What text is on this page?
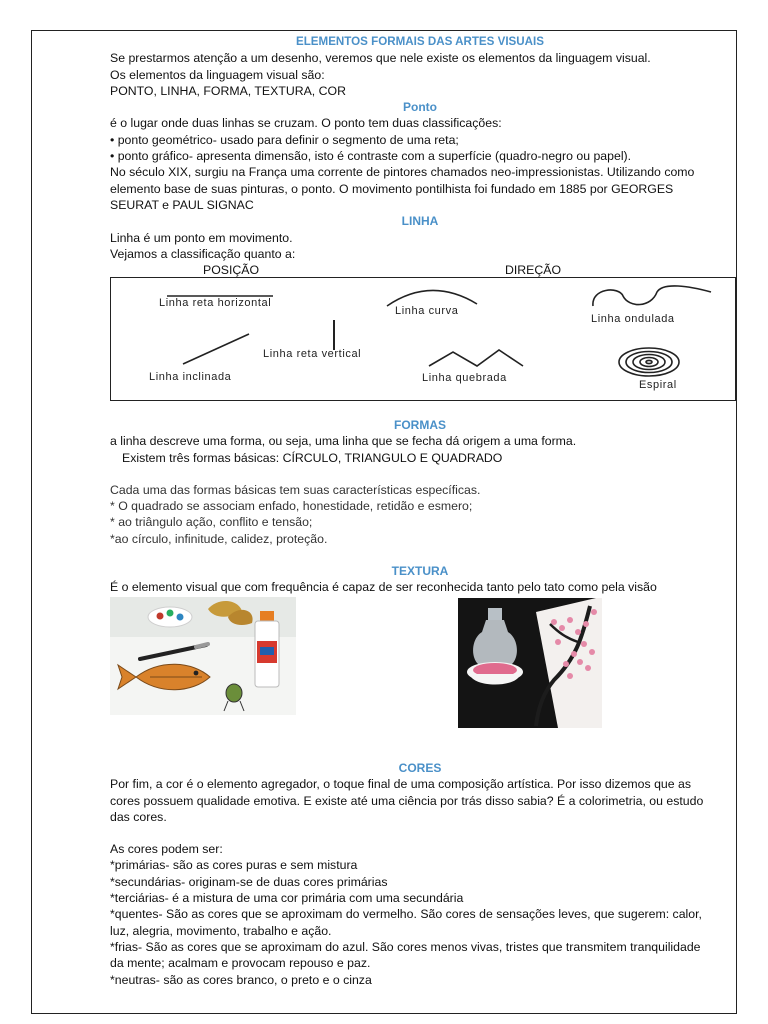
ELEMENTOS FORMAIS DAS ARTES VISUAIS
Se prestarmos atenção a um desenho, veremos que nele existe os elementos da linguagem visual.
Os elementos da linguagem visual são:
PONTO, LINHA, FORMA, TEXTURA, COR
Ponto
é o lugar onde duas linhas se cruzam. O ponto tem duas classificações:
• ponto geométrico- usado para definir o segmento de uma reta;
• ponto gráfico- apresenta dimensão, isto é contraste com a superfície (quadro-negro ou papel).
No século XIX, surgiu na França uma corrente de pintores chamados neo-impressionistas. Utilizando como
elemento base de suas pinturas, o ponto. O movimento pontilhista foi fundado em 1885 por GEORGES
SEURAT e PAUL SIGNAC
LINHA
Linha é um ponto em movimento.
Vejamos a classificação quanto a:
POSIÇÃO	DIREÇÃO
Linha reta horizontal
Linha curva
Linha ondulada
Linha reta vertical
Linha inclinada	Linha quebrada
Espiral
FORMAS
a linha descreve uma forma, ou seja, uma linha que se fecha dá origem a uma forma.
Existem três formas básicas: CÍRCULO, TRIANGULO E QUADRADO
Cada uma das formas básicas tem suas características específicas.
* O quadrado se associam enfado, honestidade, retidão e esmero;
* ao triângulo ação, conflito e tensão;
*ao círculo, infinitude, calidez, proteção.
TEXTURA
É o elemento visual que com frequência é capaz de ser reconhecida tanto pelo tato como pela visão
CORES
Por fim, a cor é o elemento agregador, o toque final de uma composição artística. Por isso dizemos que as
cores possuem qualidade emotiva. E existe até uma ciência por trás disso sabia? É a colorimetria, ou estudo
das cores.
As cores podem ser:
*primárias- são as cores puras e sem mistura
*secundárias- originam-se de duas cores primárias
*terciárias- é a mistura de uma cor primária com uma secundária
*quentes- São as cores que se aproximam do vermelho. São cores de sensações leves, que sugerem: calor,
luz, alegria, movimento, trabalho e ação.
*frias- São as cores que se aproximam do azul. São cores menos vivas, tristes que transmitem tranquilidade
da mente; acalmam e provocam repouso e paz.
*neutras- são as cores branco, o preto e o cinza
